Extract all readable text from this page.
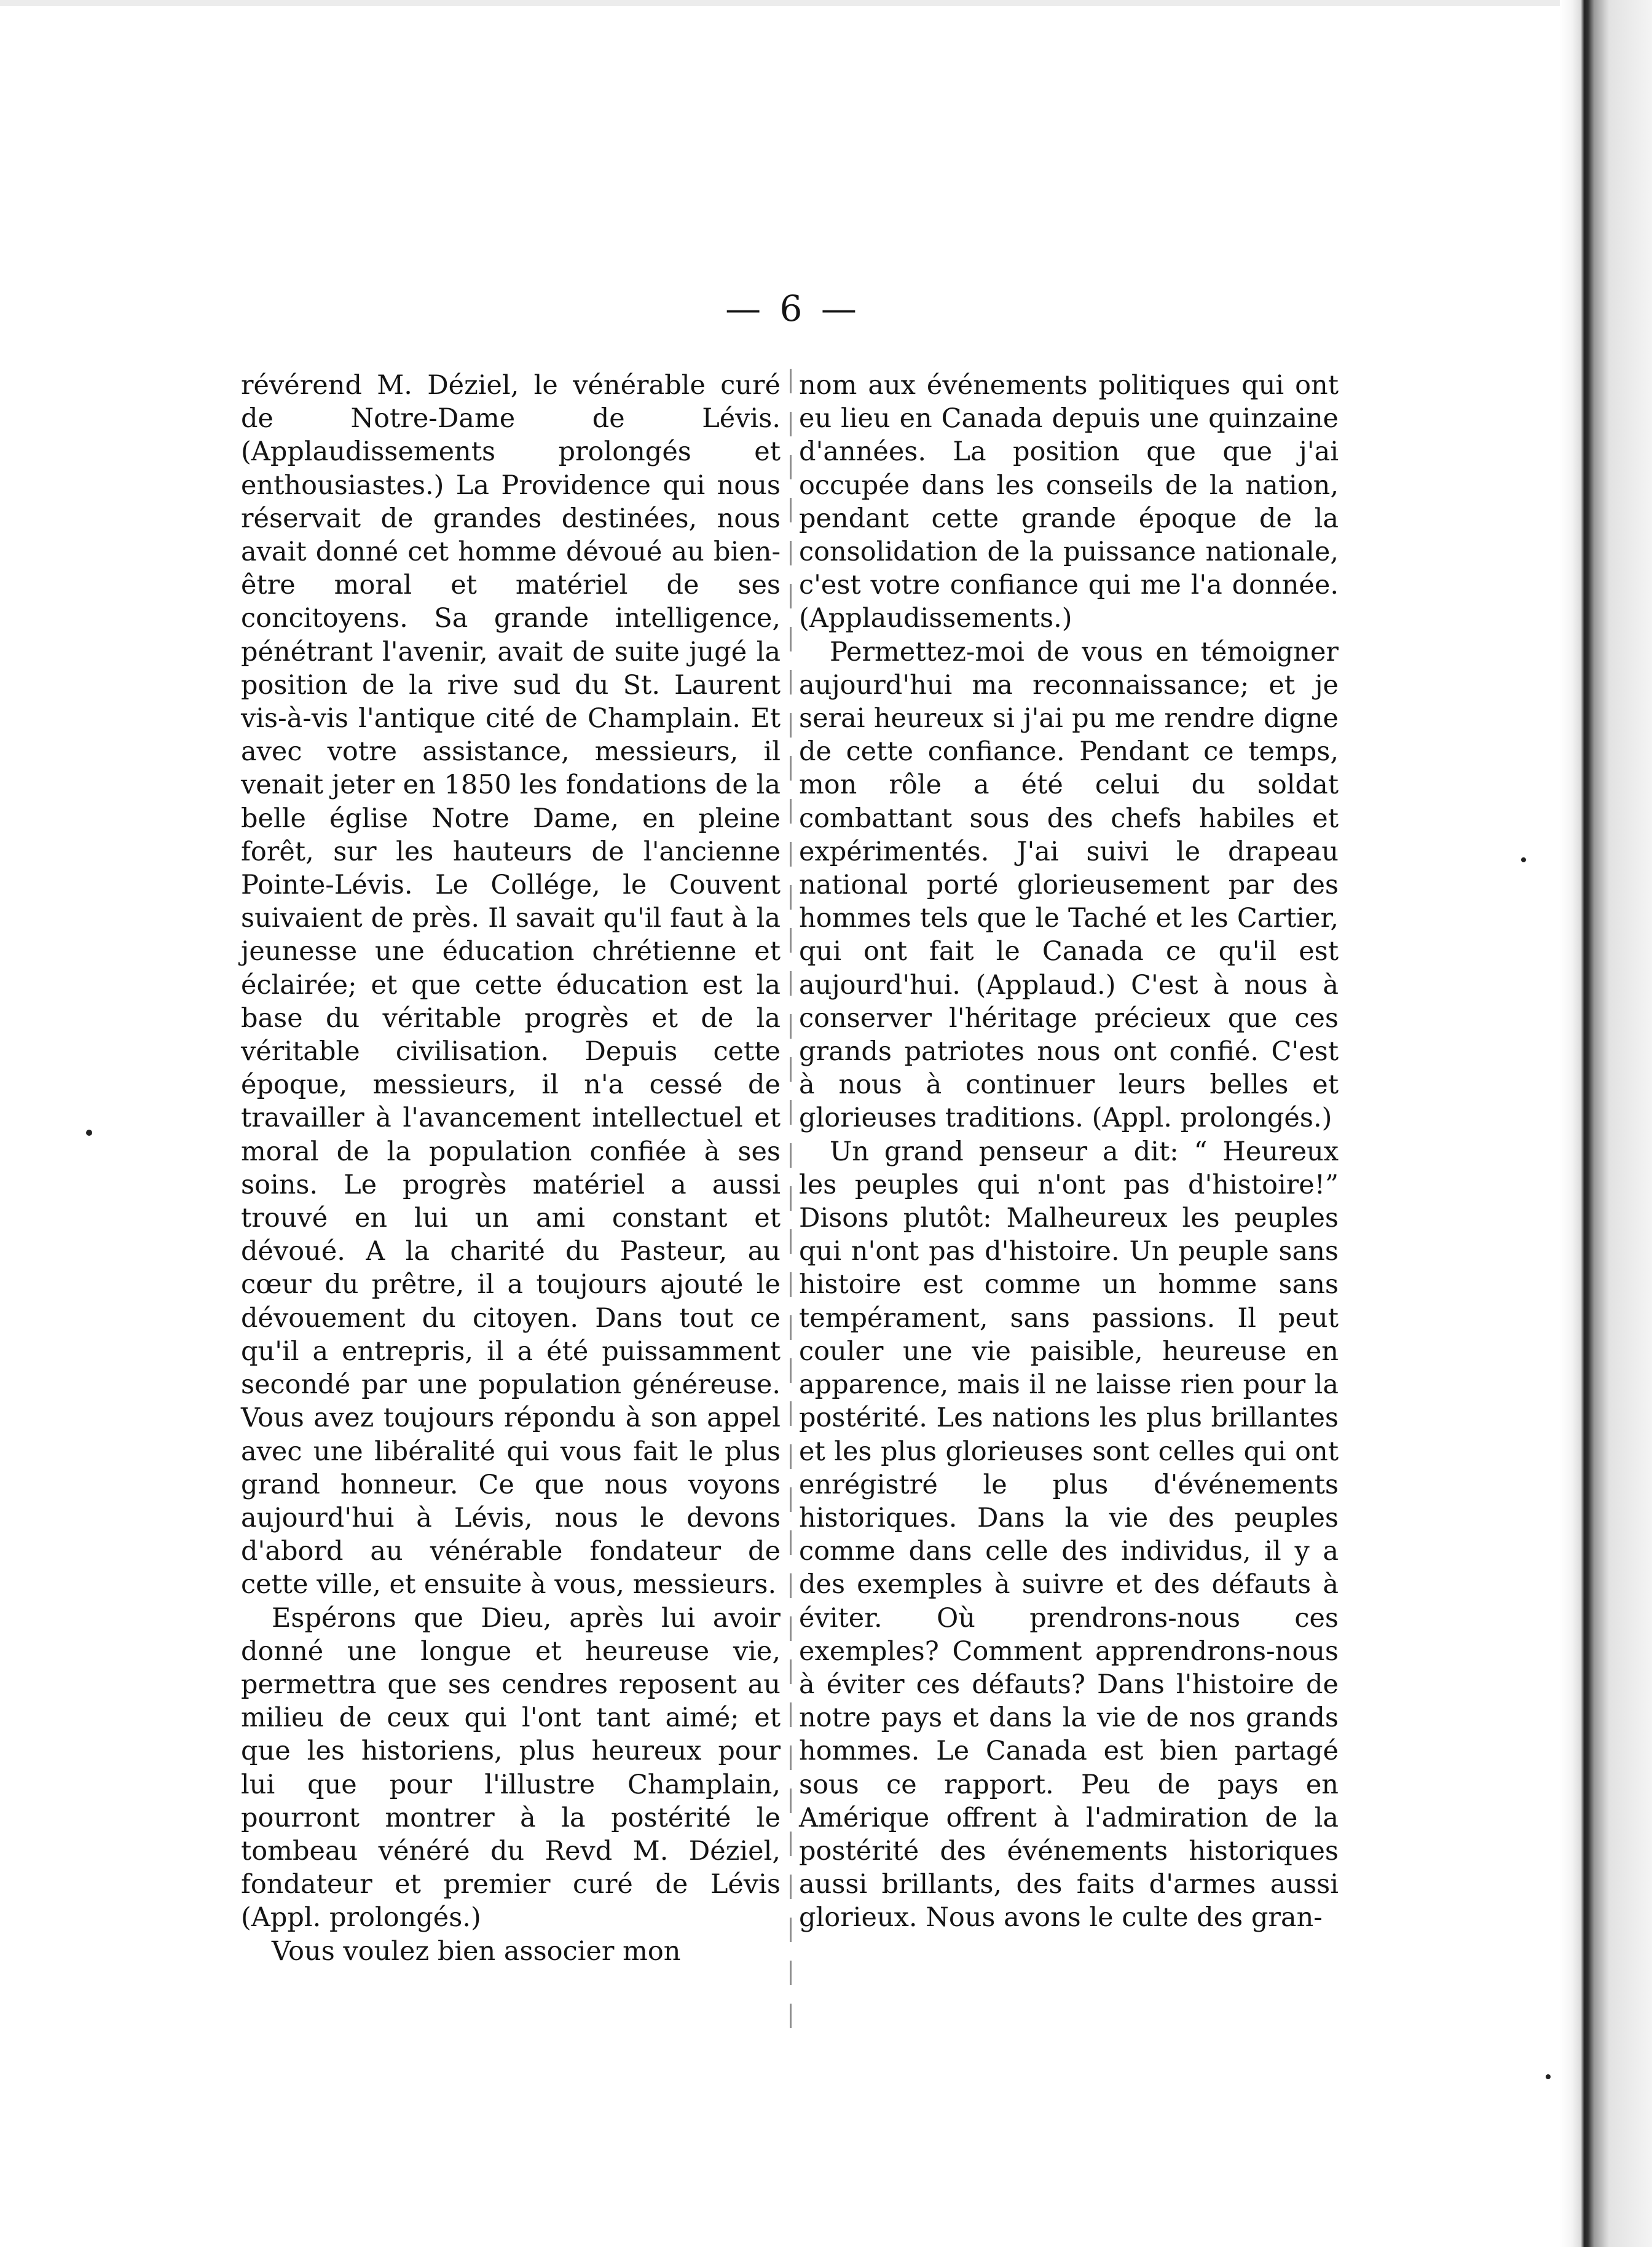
— 6 —

révérend M. Déziel, le vénérable curé de Notre-Dame de Lévis. (Applaudissements prolongés et enthousiastes.) La Providence qui nous réservait de grandes destinées, nous avait donné cet homme dévoué au bien-être moral et matériel de ses concitoyens. Sa grande intelligence, pénétrant l'avenir, avait de suite jugé la position de la rive sud du St. Laurent vis-à-vis l'antique cité de Champlain. Et avec votre assistance, messieurs, il venait jeter en 1850 les fondations de la belle église Notre Dame, en pleine forêt, sur les hauteurs de l'ancienne Pointe-Lévis. Le Collége, le Couvent suivaient de près. Il savait qu'il faut à la jeunesse une éducation chrétienne et éclairée; et que cette éducation est la base du véritable progrès et de la véritable civilisation. Depuis cette époque, messieurs, il n'a cessé de travailler à l'avancement intellectuel et moral de la population confiée à ses soins. Le progrès matériel a aussi trouvé en lui un ami constant et dévoué. A la charité du Pasteur, au cœur du prêtre, il a toujours ajouté le dévouement du citoyen. Dans tout ce qu'il a entrepris, il a été puissamment secondé par une population généreuse. Vous avez toujours répondu à son appel avec une libéralité qui vous fait le plus grand honneur. Ce que nous voyons aujourd'hui à Lévis, nous le devons d'abord au vénérable fondateur de cette ville, et ensuite à vous, messieurs.

Espérons que Dieu, après lui avoir donné une longue et heureuse vie, permettra que ses cendres reposent au milieu de ceux qui l'ont tant aimé; et que les historiens, plus heureux pour lui que pour l'illustre Champlain, pourront montrer à la postérité le tombeau vénéré du Revd M. Déziel, fondateur et premier curé de Lévis (Appl. prolongés.)

Vous voulez bien associer mon

nom aux événements politiques qui ont eu lieu en Canada depuis une quinzaine d'années. La position que que j'ai occupée dans les conseils de la nation, pendant cette grande époque de la consolidation de la puissance nationale, c'est votre confiance qui me l'a donnée. (Applaudissements.)

Permettez-moi de vous en témoigner aujourd'hui ma reconnaissance; et je serai heureux si j'ai pu me rendre digne de cette confiance. Pendant ce temps, mon rôle a été celui du soldat combattant sous des chefs habiles et expérimentés. J'ai suivi le drapeau national porté glorieusement par des hommes tels que le Taché et les Cartier, qui ont fait le Canada ce qu'il est aujourd'hui. (Applaud.) C'est à nous à conserver l'héritage précieux que ces grands patriotes nous ont confié. C'est à nous à continuer leurs belles et glorieuses traditions. (Appl. prolongés.)

Un grand penseur a dit: “ Heureux les peuples qui n'ont pas d'histoire!” Disons plutôt: Malheureux les peuples qui n'ont pas d'histoire. Un peuple sans histoire est comme un homme sans tempérament, sans passions. Il peut couler une vie paisible, heureuse en apparence, mais il ne laisse rien pour la postérité. Les nations les plus brillantes et les plus glorieuses sont celles qui ont enrégistré le plus d'événements historiques. Dans la vie des peuples comme dans celle des individus, il y a des exemples à suivre et des défauts à éviter. Où prendrons-nous ces exemples? Comment apprendrons-nous à éviter ces défauts? Dans l'histoire de notre pays et dans la vie de nos grands hommes. Le Canada est bien partagé sous ce rapport. Peu de pays en Amérique offrent à l'admiration de la postérité des événements historiques aussi brillants, des faits d'armes aussi glorieux. Nous avons le culte des gran-
